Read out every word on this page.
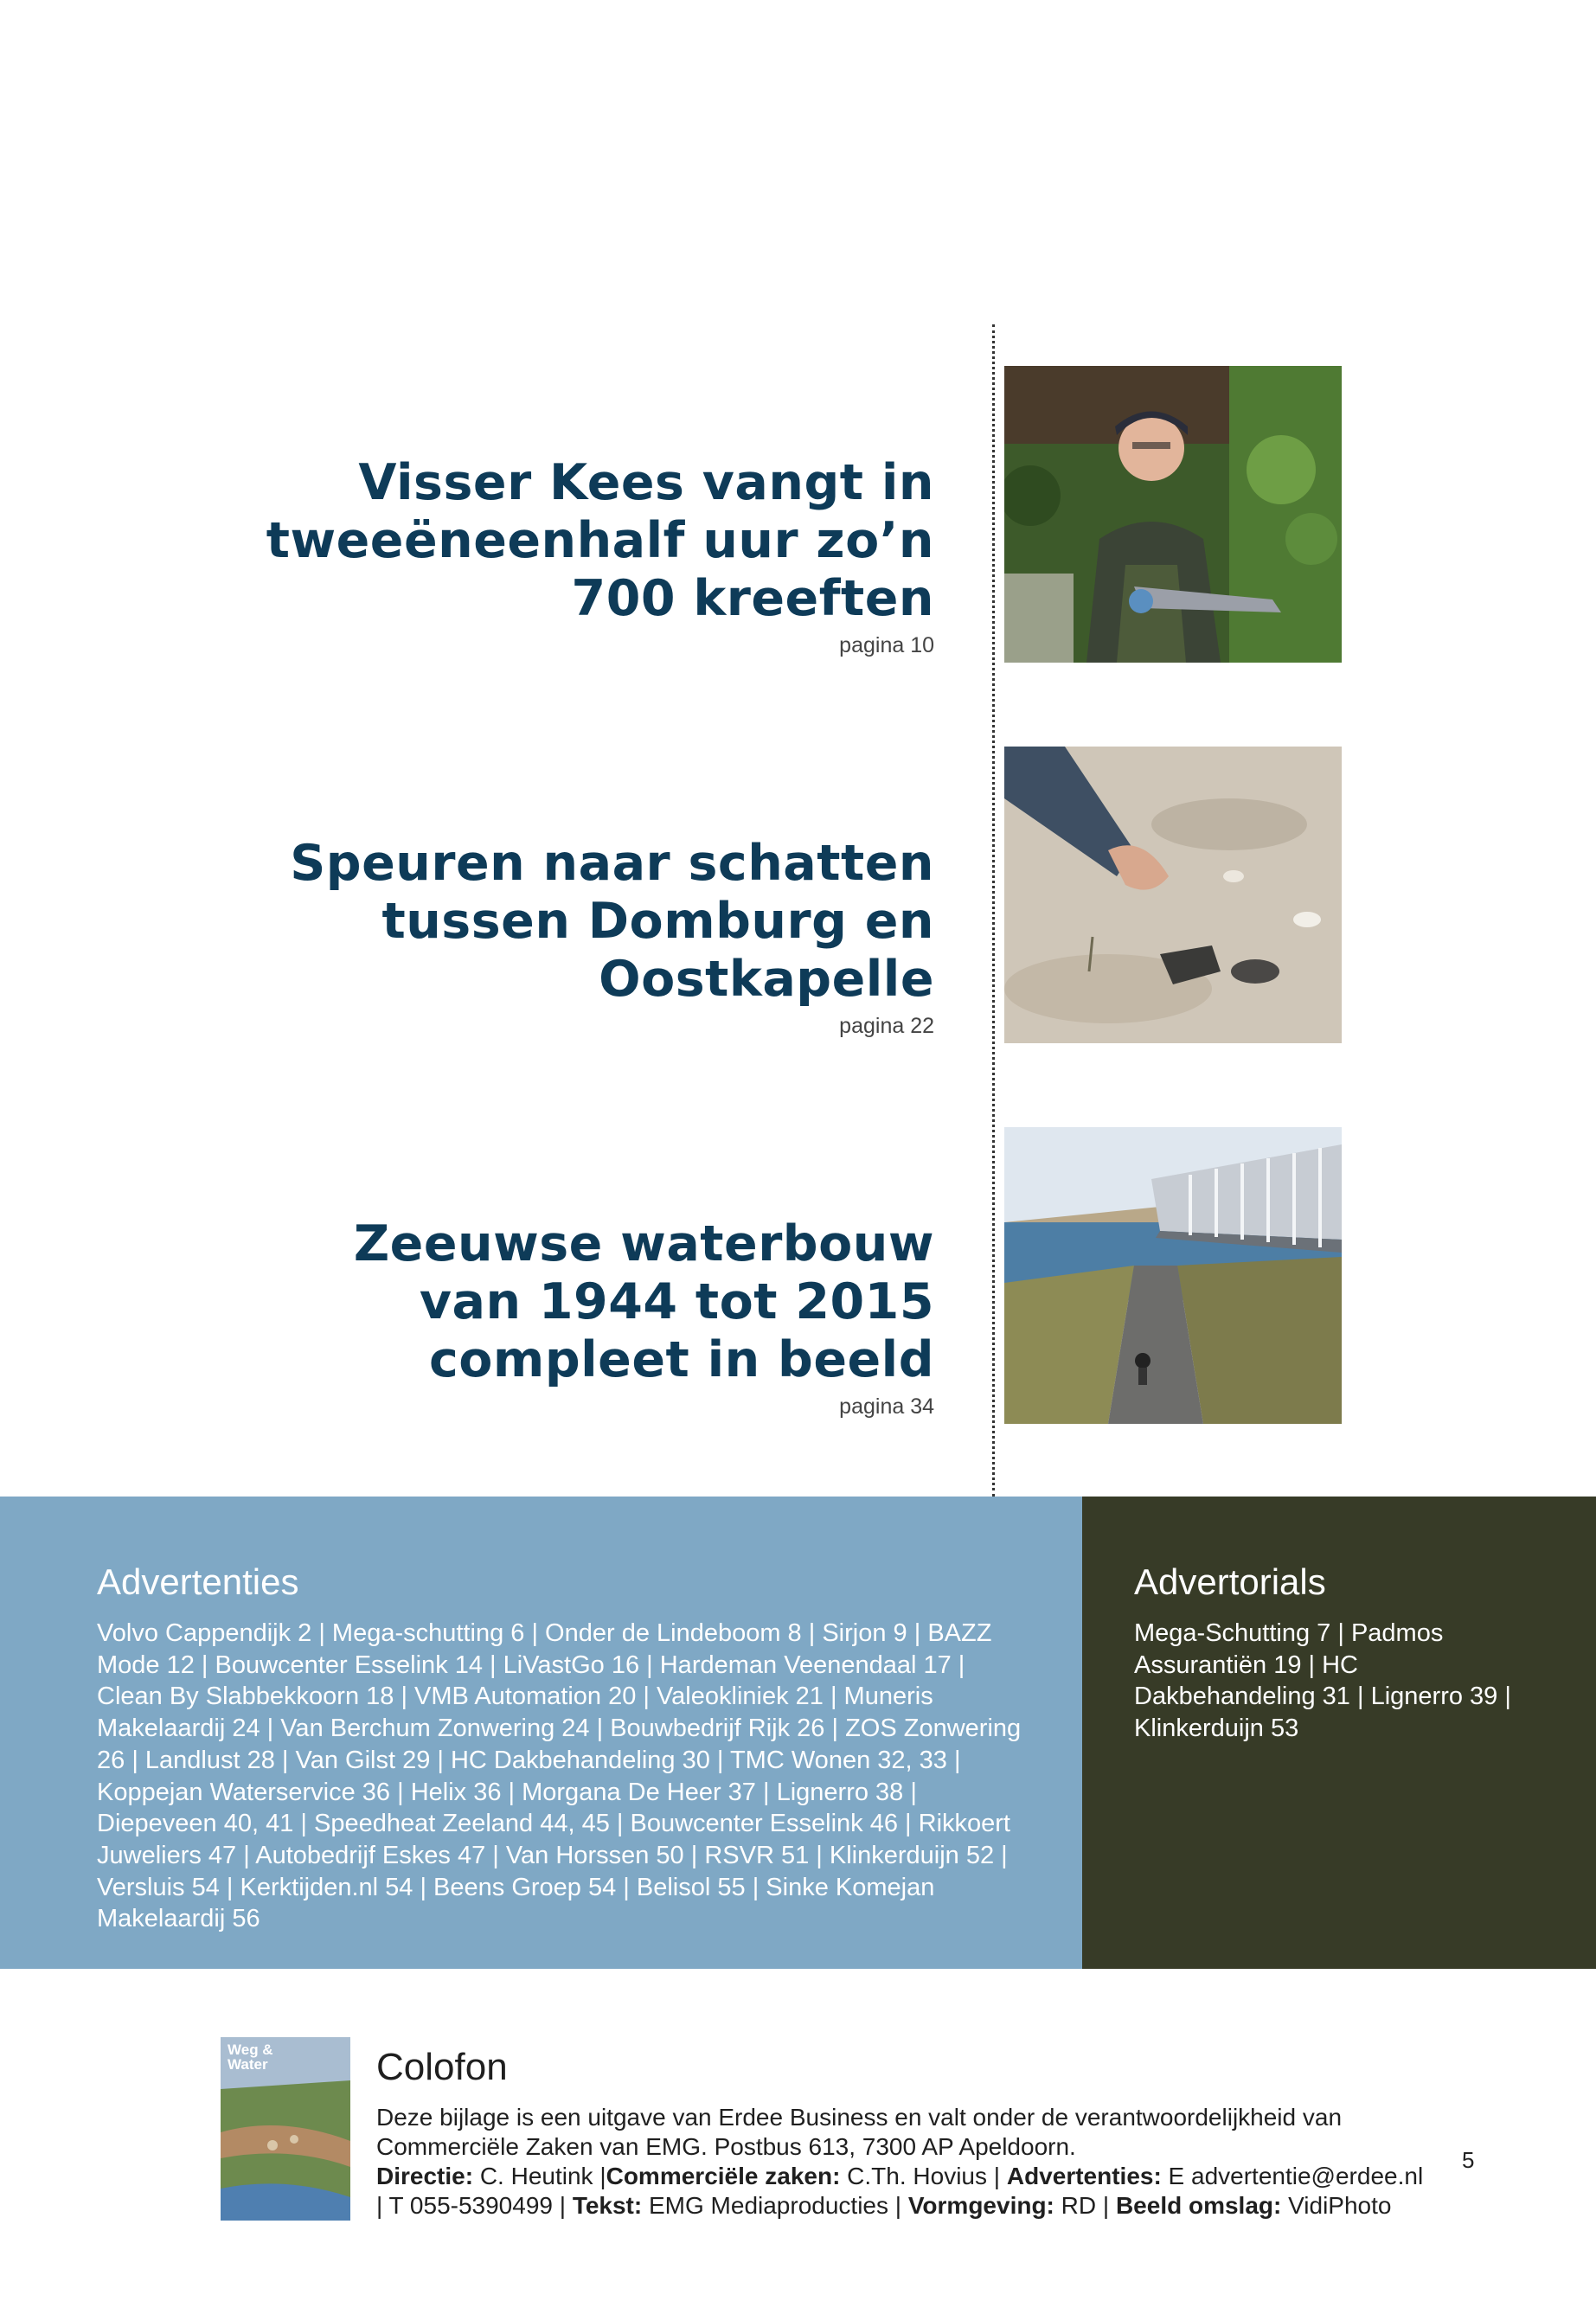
Visser Kees vangt in
tweeëneenhalf uur zo’n
700 kreeften
pagina 10
Speuren naar schatten
tussen Domburg en
Oostkapelle
pagina 22
Zeeuwse waterbouw
van 1944 tot 2015
compleet in beeld
pagina 34
Advertenties
Volvo Cappendijk 2 | Mega-schutting 6 | Onder de Lindeboom 8 | Sirjon 9 | BAZZ Mode 12 | Bouwcenter Esselink 14 | LiVastGo 16 | Hardeman Veenendaal 17 | Clean By Slabbekkoorn 18 | VMB Automation 20 | Valeokliniek 21 | Muneris Makelaardij 24 | Van Berchum Zonwering 24 | Bouwbedrijf Rijk 26 | ZOS Zonwering 26 | Landlust 28 | Van Gilst 29 | HC Dakbehandeling 30 | TMC Wonen 32, 33 | Koppejan Waterservice 36 | Helix 36 | Morgana De Heer 37 | Lignerro 38 | Diepeveen 40, 41 | Speedheat Zeeland 44, 45 | Bouwcenter Esselink 46 | Rikkoert Juweliers 47 | Autobedrijf Eskes 47 | Van Horssen 50 | RSVR 51 | Klinkerduijn 52 | Versluis 54 | Kerktijden.nl 54 | Beens Groep 54 | Belisol 55 | Sinke Komejan Makelaardij 56
Advertorials
Mega-Schutting 7 | Padmos Assurantiën 19 | HC Dakbehandeling 31 | Lignerro 39 | Klinkerduijn 53
Weg &
Water	Colofon
Deze bijlage is een uitgave van Erdee Business en valt onder de verantwoordelijkheid van Commerciële Zaken van EMG. Postbus 613, 7300 AP Apeldoorn.
Directie: C. Heutink |Commerciële zaken: C.Th. Hovius | Advertenties: E advertentie@erdee.nl | T 055-5390499 | Tekst: EMG Mediaproducties | Vormgeving: RD | Beeld omslag: VidiPhoto
5
